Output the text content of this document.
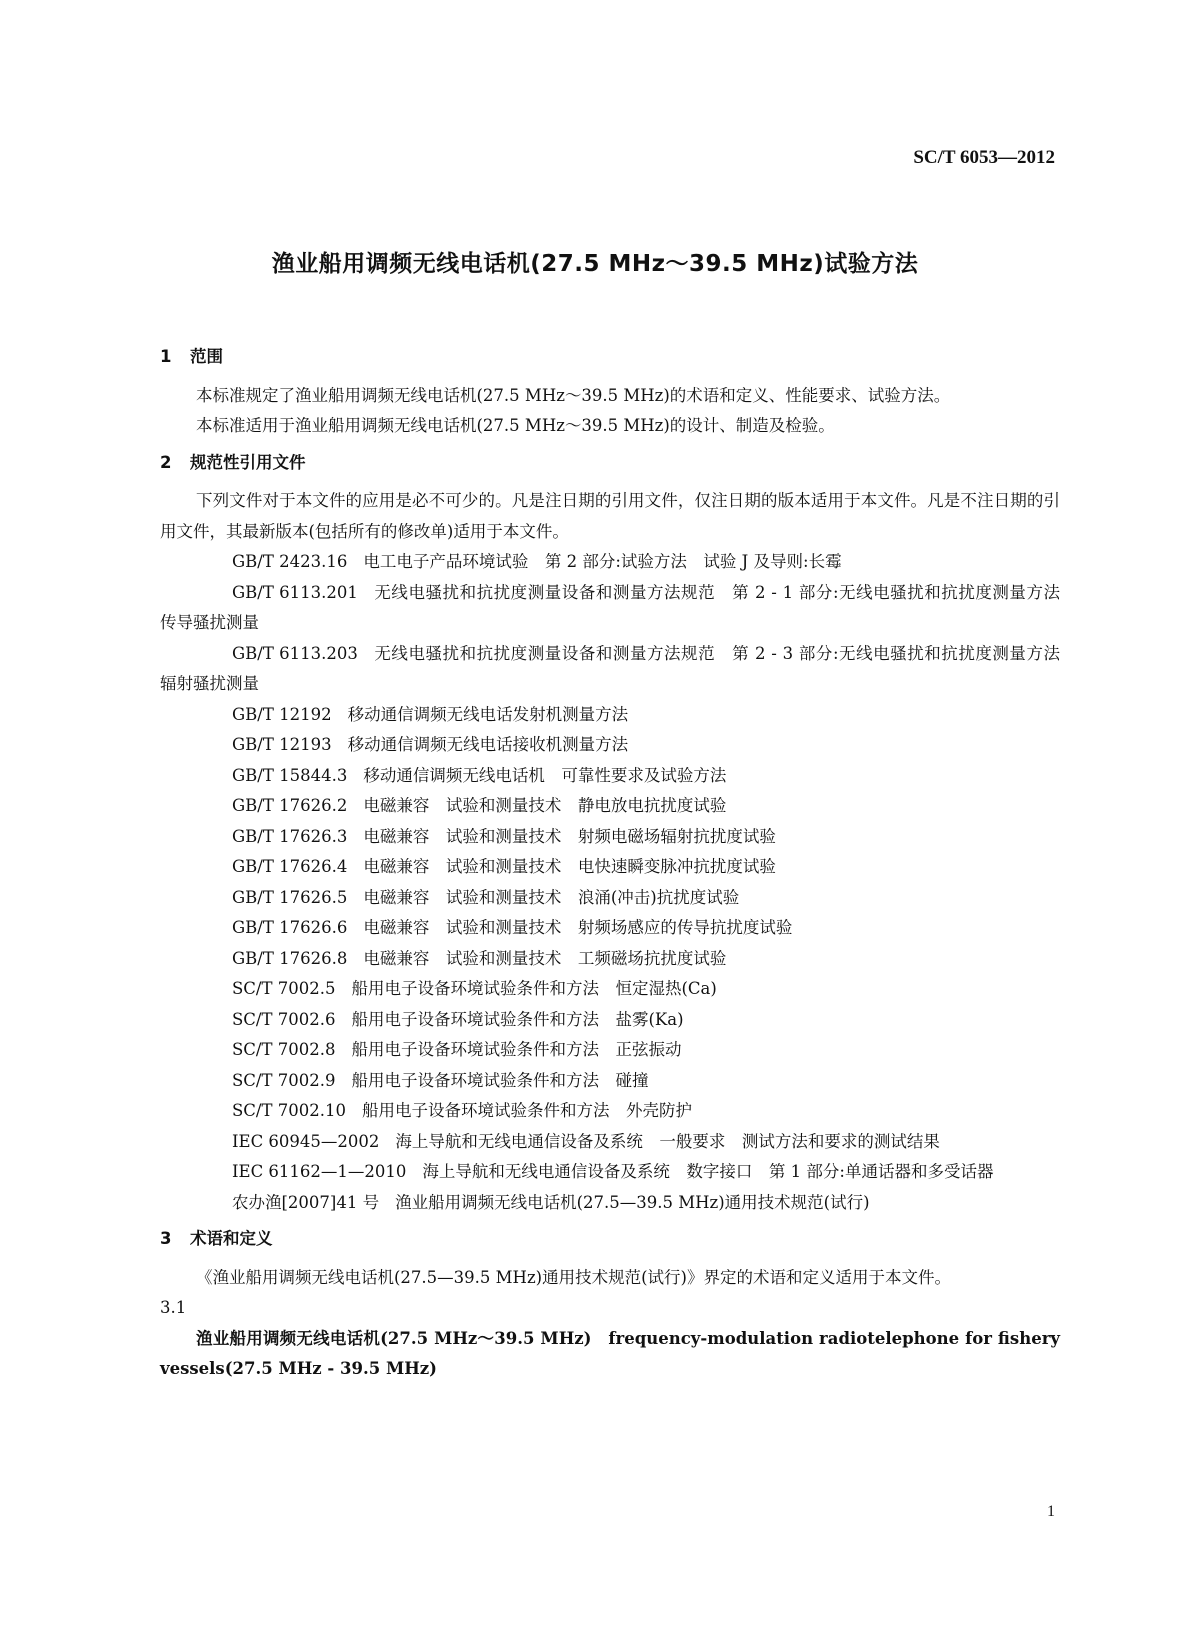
SC/T 6053—2012
渔业船用调频无线电话机(27.5 MHz～39.5 MHz)试验方法
1 范围
本标准规定了渔业船用调频无线电话机(27.5 MHz～39.5 MHz)的术语和定义、性能要求、试验方法。
本标准适用于渔业船用调频无线电话机(27.5 MHz～39.5 MHz)的设计、制造及检验。
2 规范性引用文件
下列文件对于本文件的应用是必不可少的。凡是注日期的引用文件，仅注日期的版本适用于本文件。凡是不注日期的引用文件，其最新版本(包括所有的修改单)适用于本文件。
GB/T 2423.16 电工电子产品环境试验　第 2 部分:试验方法　试验 J 及导则:长霉
GB/T 6113.201 无线电骚扰和抗扰度测量设备和测量方法规范　第 2 - 1 部分:无线电骚扰和抗扰度测量方法　传导骚扰测量
GB/T 6113.203 无线电骚扰和抗扰度测量设备和测量方法规范　第 2 - 3 部分:无线电骚扰和抗扰度测量方法　辐射骚扰测量
GB/T 12192 移动通信调频无线电话发射机测量方法
GB/T 12193 移动通信调频无线电话接收机测量方法
GB/T 15844.3 移动通信调频无线电话机　可靠性要求及试验方法
GB/T 17626.2 电磁兼容　试验和测量技术　静电放电抗扰度试验
GB/T 17626.3 电磁兼容　试验和测量技术　射频电磁场辐射抗扰度试验
GB/T 17626.4 电磁兼容　试验和测量技术　电快速瞬变脉冲抗扰度试验
GB/T 17626.5 电磁兼容　试验和测量技术　浪涌(冲击)抗扰度试验
GB/T 17626.6 电磁兼容　试验和测量技术　射频场感应的传导抗扰度试验
GB/T 17626.8 电磁兼容　试验和测量技术　工频磁场抗扰度试验
SC/T 7002.5 船用电子设备环境试验条件和方法　恒定湿热(Ca)
SC/T 7002.6 船用电子设备环境试验条件和方法　盐雾(Ka)
SC/T 7002.8 船用电子设备环境试验条件和方法　正弦振动
SC/T 7002.9 船用电子设备环境试验条件和方法　碰撞
SC/T 7002.10 船用电子设备环境试验条件和方法　外壳防护
IEC 60945—2002 海上导航和无线电通信设备及系统　一般要求　测试方法和要求的测试结果
IEC 61162—1—2010 海上导航和无线电通信设备及系统　数字接口　第 1 部分:单通话器和多受话器
农办渔[2007]41 号 渔业船用调频无线电话机(27.5—39.5 MHz)通用技术规范(试行)
3 术语和定义
《渔业船用调频无线电话机(27.5—39.5 MHz)通用技术规范(试行)》界定的术语和定义适用于本文件。
3.1
渔业船用调频无线电话机(27.5 MHz～39.5 MHz)　frequency-modulation radiotelephone for fishery vessels(27.5 MHz - 39.5 MHz)
1
